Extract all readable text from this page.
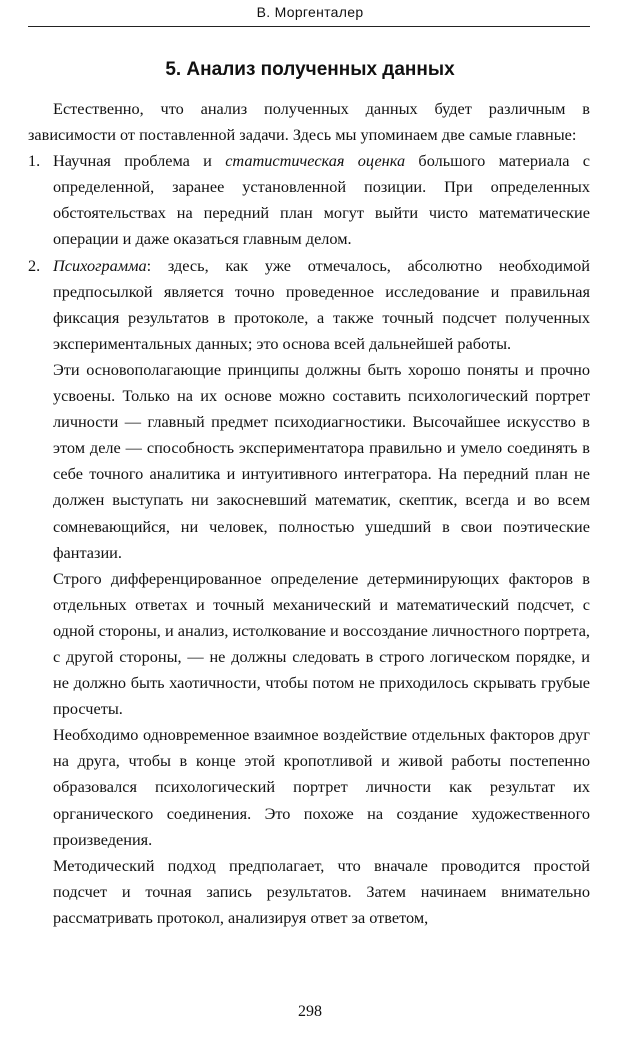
В. Моргенталер
5. Анализ полученных данных

Естественно, что анализ полученных данных будет различным в зависимости от поставленной задачи. Здесь мы упоминаем две самые главные:

1. Научная проблема и статистическая оценка большого материала с определенной, заранее установленной позиции. При определенных обстоятельствах на передний план могут выйти чисто математические операции и даже оказаться главным делом.

2. Психограмма: здесь, как уже отмечалось, абсолютно необходимой предпосылкой является точно проведенное исследование и правильная фиксация результатов в протоколе, а также точный подсчет полученных экспериментальных данных; это основа всей дальнейшей работы.

Эти основополагающие принципы должны быть хорошо поняты и прочно усвоены. Только на их основе можно составить психологический портрет личности — главный предмет психодиагностики. Высочайшее искусство в этом деле — способность экспериментатора правильно и умело соединять в себе точного аналитика и интуитивного интегратора. На передний план не должен выступать ни закосневший математик, скептик, всегда и во всем сомневающийся, ни человек, полностью ушедший в свои поэтические фантазии.

Строго дифференцированное определение детерминирующих факторов в отдельных ответах и точный механический и математический подсчет, с одной стороны, и анализ, истолкование и воссоздание личностного портрета, с другой стороны, — не должны следовать в строго логическом порядке, и не должно быть хаотичности, чтобы потом не приходилось скрывать грубые просчеты.

Необходимо одновременное взаимное воздействие отдельных факторов друг на друга, чтобы в конце этой кропотливой и живой работы постепенно образовался психологический портрет личности как результат их органического соединения. Это похоже на создание художественного произведения.

Методический подход предполагает, что вначале проводится простой подсчет и точная запись результатов. Затем начинаем внимательно рассматривать протокол, анализируя ответ за ответом,

298
